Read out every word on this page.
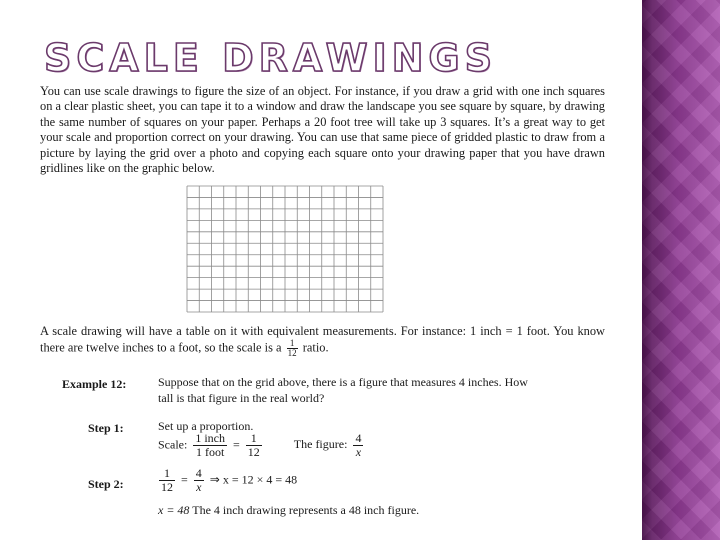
SCALE DRAWINGS

You can use scale drawings to figure the size of an object. For instance, if you draw a grid with one inch squares on a clear plastic sheet, you can tape it to a window and draw the landscape you see square by square, by drawing the same number of squares on your paper. Perhaps a 20 foot tree will take up 3 squares. It’s a great way to get your scale and proportion correct on your drawing. You can use that same piece of gridded plastic to draw from a picture by laying the grid over a photo and copying each square onto your drawing paper that you have drawn gridlines like on the graphic below.

A scale drawing will have a table on it with equivalent measurements. For instance: 1 inch = 1 foot. You know there are twelve inches to a foot, so the scale is a $\frac{1}{12}$ ratio.

Example 12:	Suppose that on the grid above, there is a figure that measures 4 inches. How
tall is that figure in the real world?
Step 1:	Set up a proportion.
Scale: 1 inch
1 foot
= $\frac{1}{12}$	The figure: $\frac{4}{x}$
Step 2:	$\frac{1}{12} = \frac{4}{x}$ ⇒ x = 12 × 4 = 48
x = 48 The 4 inch drawing represents a 48 inch figure.
